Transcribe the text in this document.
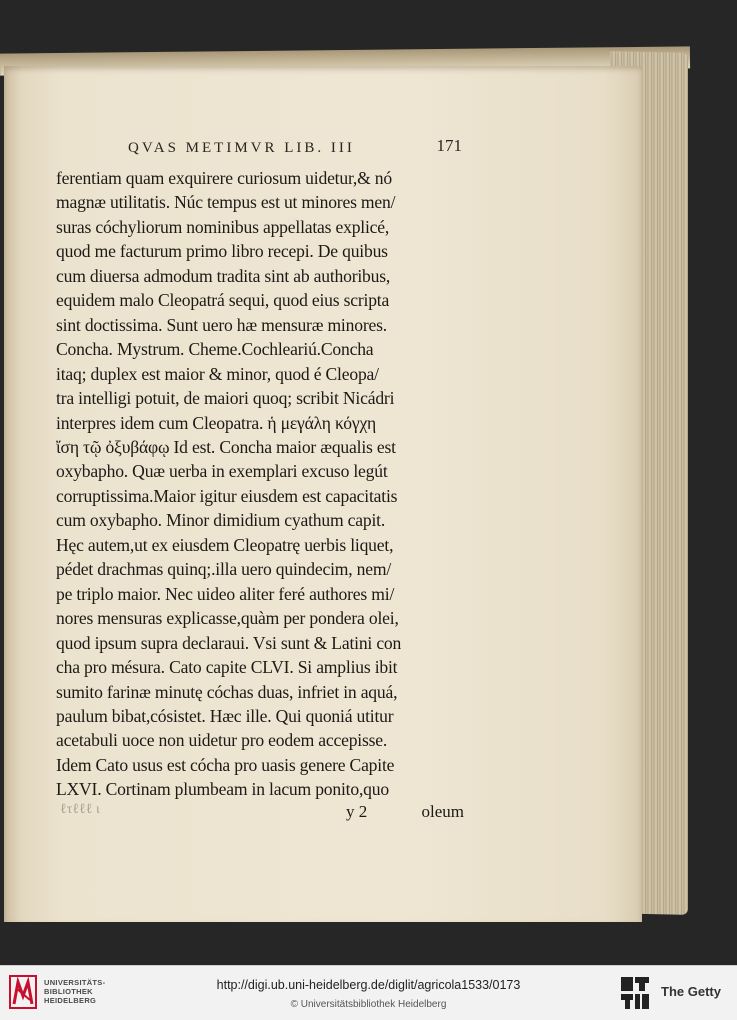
QVAS METIMVR LIB. III	171
ferentiam quam exquirere curiosum uidetur,& nó
magnæ utilitatis. Núc tempus est ut minores men/
suras cóchyliorum nominibus appellatas explicé,
quod me facturum primo libro recepi. De quibus
cum diuersa admodum tradita sint ab authoribus,
equidem malo Cleopatrá sequi, quod eius scripta
sint doctissima. Sunt uero hæ mensuræ minores.
Concha. Mystrum. Cheme.Cochleariú.Concha
itaq; duplex est maior & minor, quod é Cleopa/
tra intelligi potuit, de maiori quoq; scribit Nicádri
interpres idem cum Cleopatra. ἡ μεγάλη κόγχη
ἴση τῷ ὀξυβάφῳ Id est. Concha maior æqualis est
oxybapho. Quæ uerba in exemplari excuso legút
corruptissima.Maior igitur eiusdem est capacitatis
cum oxybapho. Minor dimidium cyathum capit.
Hęc autem,ut ex eiusdem Cleopatrę uerbis liquet,
pédet drachmas quinq;.illa uero quindecim, nem/
pe triplo maior. Nec uideo aliter feré authores mi/
nores mensuras explicasse,quàm per pondera olei,
quod ipsum supra declaraui. Vsi sunt & Latini con
cha pro mésura. Cato capite CLVI. Si amplius ibit
sumito farinæ minutę cóchas duas, infriet in aquá,
paulum bibat,cósistet. Hæc ille. Qui quoniá utitur
acetabuli uoce non uidetur pro eodem accepisse.
Idem Cato usus est cócha pro uasis genere Capite
LXVI. Cortinam plumbeam in lacum ponito,quo
ℓτℓℓℓ ι	y 2	oleum
UNIVERSITÄTS-
BIBLIOTHEK
HEIDELBERG
http://digi.ub.uni-heidelberg.de/diglit/agricola1533/0173
© Universitätsbibliothek Heidelberg
The Getty
